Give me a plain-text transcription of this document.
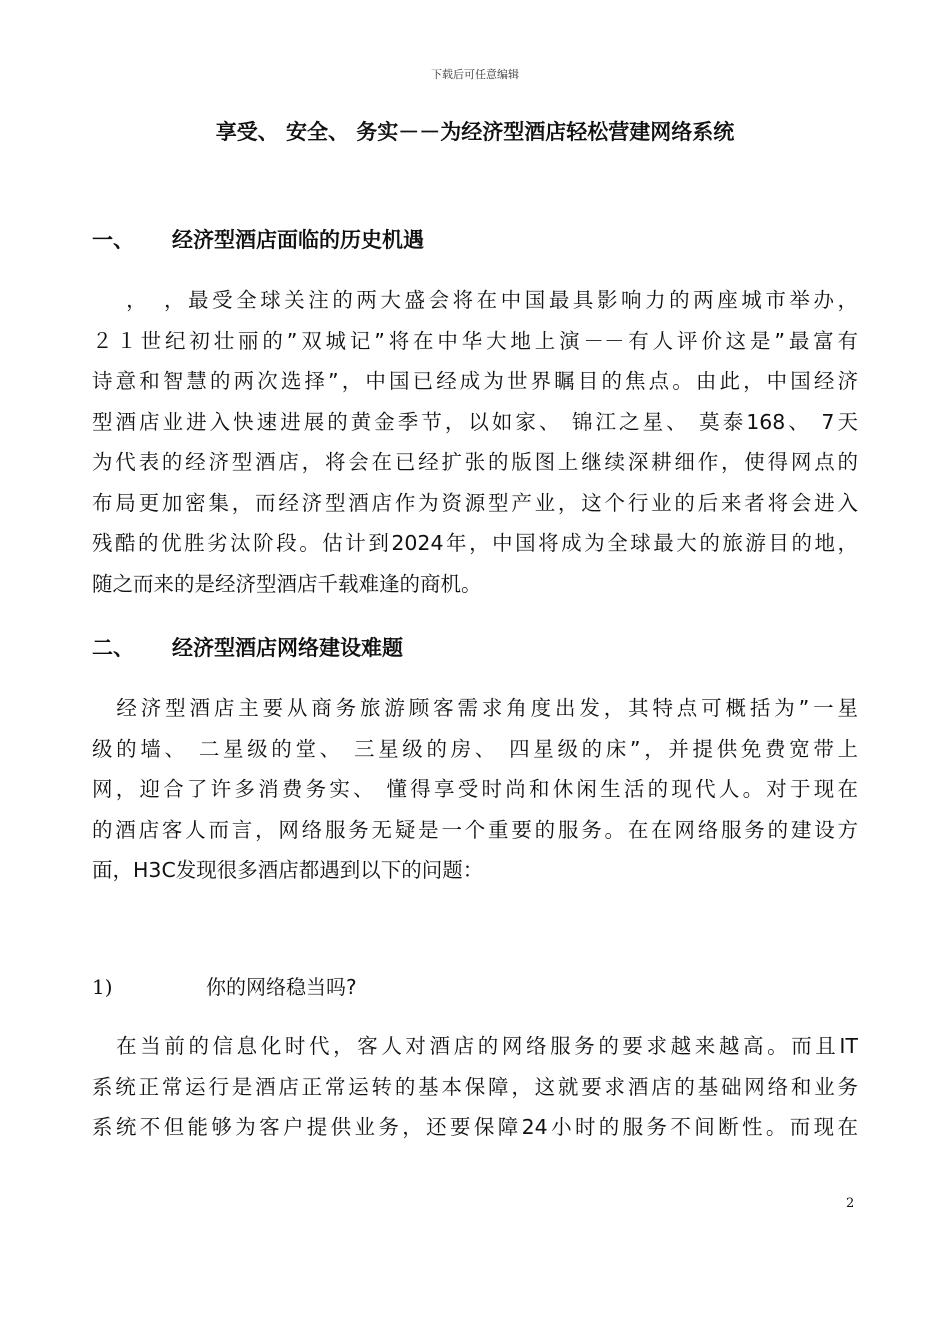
下载后可任意编辑
享受、 安全、 务实－－为经济型酒店轻松营建网络系统
一、 经济型酒店面临的历史机遇
　 ，　，最受全球关注的两大盛会将在中国最具影响力的两座城市举办，
２１世纪初壮丽的”双城记”将在中华大地上演－－有人评价这是”最富有
诗意和智慧的两次选择”，中国已经成为世界瞩目的焦点。由此，中国经济
型酒店业进入快速进展的黄金季节，以如家、 锦江之星、 莫泰168、 7天
为代表的经济型酒店，将会在已经扩张的版图上继续深耕细作，使得网点的
布局更加密集，而经济型酒店作为资源型产业，这个行业的后来者将会进入
残酷的优胜劣汰阶段。估计到2024年，中国将成为全球最大的旅游目的地，
随之而来的是经济型酒店千载难逢的商机。
二、 经济型酒店网络建设难题
　经济型酒店主要从商务旅游顾客需求角度出发，其特点可概括为”一星
级的墙、 二星级的堂、 三星级的房、 四星级的床”，并提供免费宽带上
网，迎合了许多消费务实、 懂得享受时尚和休闲生活的现代人。对于现在
的酒店客人而言，网络服务无疑是一个重要的服务。在在网络服务的建设方
面，H3C发现很多酒店都遇到以下的问题：
1)	你的网络稳当吗?
　在当前的信息化时代，客人对酒店的网络服务的要求越来越高。而且IT
系统正常运行是酒店正常运转的基本保障，这就要求酒店的基础网络和业务
系统不但能够为客户提供业务，还要保障24小时的服务不间断性。而现在
2
